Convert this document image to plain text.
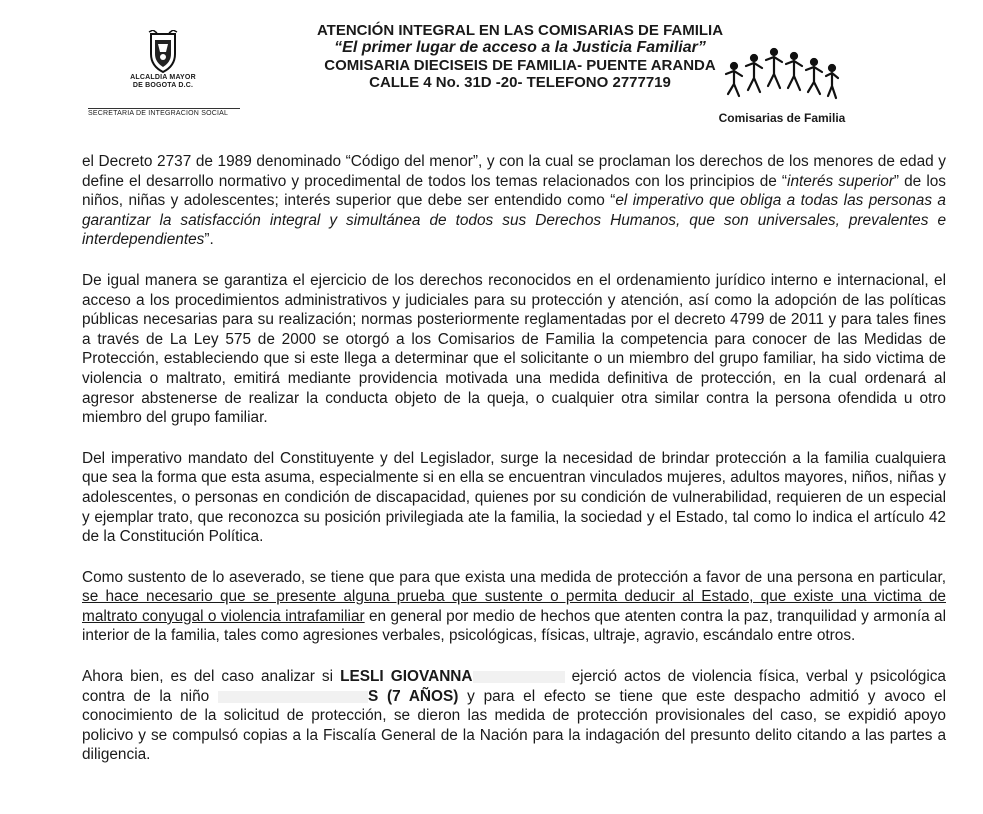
ALCALDIA MAYOR
DE BOGOTA D.C.
SECRETARIA DE INTEGRACION SOCIAL
ATENCIÓN INTEGRAL EN LAS COMISARIAS DE FAMILIA
“El primer lugar de acceso a la Justicia Familiar”
COMISARIA DIECISEIS DE FAMILIA- PUENTE ARANDA
CALLE 4 No. 31D -20- TELEFONO 2777719
Comisarias de Familia

el Decreto 2737 de 1989 denominado “Código del menor”, y con la cual se proclaman los derechos de los menores de edad y define el desarrollo normativo y procedimental de todos los temas relacionados con los principios de “interés superior” de los niños, niñas y adolescentes; interés superior que debe ser entendido como “el imperativo que obliga a todas las personas a garantizar la satisfacción integral y simultánea de todos sus Derechos Humanos, que son universales, prevalentes e interdependientes”.

De igual manera se garantiza el ejercicio de los derechos reconocidos en el ordenamiento jurídico interno e internacional, el acceso a los procedimientos administrativos y judiciales para su protección y atención, así como la adopción de las políticas públicas necesarias para su realización; normas posteriormente reglamentadas por el decreto 4799 de 2011 y para tales fines a través de La Ley 575 de 2000 se otorgó a los Comisarios de Familia la competencia para conocer de las Medidas de Protección, estableciendo que si este llega a determinar que el solicitante o un miembro del grupo familiar, ha sido victima de violencia o maltrato, emitirá mediante providencia motivada una medida definitiva de protección, en la cual ordenará al agresor abstenerse de realizar la conducta objeto de la queja, o cualquier otra similar contra la persona ofendida u otro miembro del grupo familiar.

Del imperativo mandato del Constituyente y del Legislador, surge la necesidad de brindar protección a la familia cualquiera que sea la forma que esta asuma, especialmente si en ella se encuentran vinculados mujeres, adultos mayores, niños, niñas y adolescentes, o personas en condición de discapacidad, quienes por su condición de vulnerabilidad, requieren de un especial y ejemplar trato, que reconozca su posición privilegiada ate la familia, la sociedad y el Estado, tal como lo indica el artículo 42 de la Constitución Política.

Como sustento de lo aseverado, se tiene que para que exista una medida de protección a favor de una persona en particular, se hace necesario que se presente alguna prueba que sustente o permita deducir al Estado, que existe una victima de maltrato conyugal o violencia intrafamiliar en general por medio de hechos que atenten contra la paz, tranquilidad y armonía al interior de la familia, tales como agresiones verbales, psicológicas, físicas, ultraje, agravio, escándalo entre otros.

Ahora bien, es del caso analizar si LESLI GIOVANNA	ejerció actos de violencia física, verbal y psicológica contra de la niño	S (7 AÑOS) y para el efecto se tiene que este despacho admitió y avoco el conocimiento de la solicitud de protección, se dieron las medida de protección provisionales del caso, se expidió apoyo policivo y se compulsó copias a la Fiscalía General de la Nación para la indagación del presunto delito citando a las partes a diligencia.
